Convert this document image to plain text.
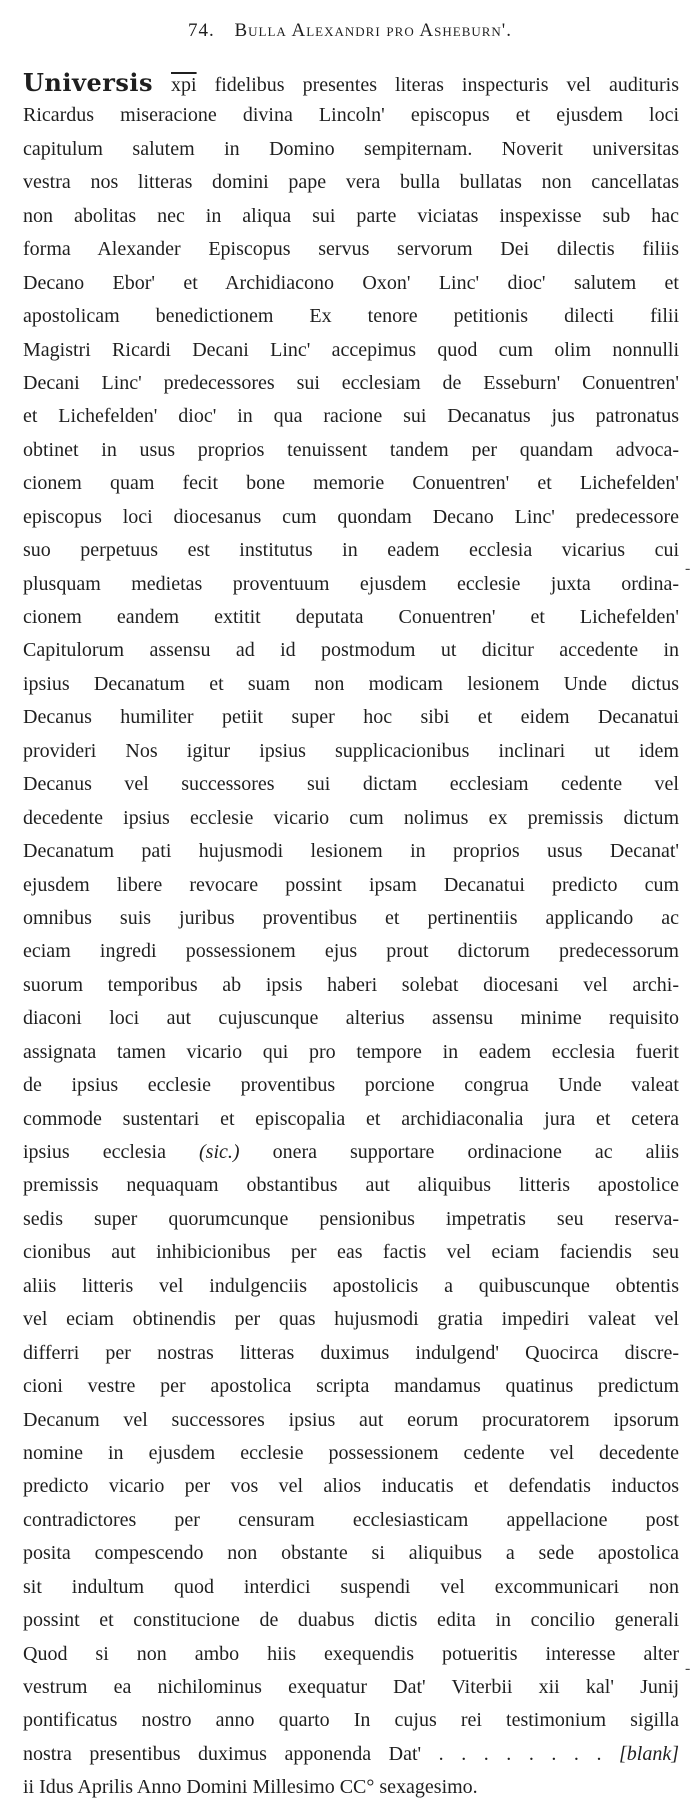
74. Bulla Alexandri pro Asheburn'.
Universis $\overline{xpi}$ fidelibus presentes literas inspecturis vel audituris
Ricardus miseracione divina Lincoln' episcopus et ejusdem loci
capitulum salutem in Domino sempiternam. Noverit universitas
vestra nos litteras domini pape vera bulla bullatas non cancellatas
non abolitas nec in aliqua sui parte viciatas inspexisse sub hac
forma Alexander Episcopus servus servorum Dei dilectis filiis
Decano Ebor' et Archidiacono Oxon' Linc' dioc' salutem et
apostolicam benedictionem Ex tenore petitionis dilecti filii
Magistri Ricardi Decani Linc' accepimus quod cum olim nonnulli
Decani Linc' predecessores sui ecclesiam de Esseburn' Conuentren'
et Lichefelden' dioc' in qua racione sui Decanatus jus patronatus
obtinet in usus proprios tenuissent tandem per quandam advoca-
cionem quam fecit bone memorie Conuentren' et Lichefelden'
episcopus loci diocesanus cum quondam Decano Linc' predecessore
suo perpetuus est institutus in eadem ecclesia vicarius cui
plusquam medietas proventuum ejusdem ecclesie juxta ordina-
cionem eandem extitit deputata Conuentren' et Lichefelden'
Capitulorum assensu ad id postmodum ut dicitur accedente in
ipsius Decanatum et suam non modicam lesionem Unde dictus
Decanus humiliter petiit super hoc sibi et eidem Decanatui
provideri Nos igitur ipsius supplicacionibus inclinari ut idem
Decanus vel successores sui dictam ecclesiam cedente vel
decedente ipsius ecclesie vicario cum nolimus ex premissis dictum
Decanatum pati hujusmodi lesionem in proprios usus Decanat'
ejusdem libere revocare possint ipsam Decanatui predicto cum
omnibus suis juribus proventibus et pertinentiis applicando ac
eciam ingredi possessionem ejus prout dictorum predecessorum
suorum temporibus ab ipsis haberi solebat diocesani vel archi-
diaconi loci aut cujuscunque alterius assensu minime requisito
assignata tamen vicario qui pro tempore in eadem ecclesia fuerit
de ipsius ecclesie proventibus porcione congrua Unde valeat
commode sustentari et episcopalia et archidiaconalia jura et cetera
ipsius ecclesia (sic.) onera supportare ordinacione ac aliis
premissis nequaquam obstantibus aut aliquibus litteris apostolice
sedis super quorumcunque pensionibus impetratis seu reserva-
cionibus aut inhibicionibus per eas factis vel eciam faciendis seu
aliis litteris vel indulgenciis apostolicis a quibuscunque obtentis
vel eciam obtinendis per quas hujusmodi gratia impediri valeat vel
differri per nostras litteras duximus indulgend' Quocirca discre-
cioni vestre per apostolica scripta mandamus quatinus predictum
Decanum vel successores ipsius aut eorum procuratorem ipsorum
nomine in ejusdem ecclesie possessionem cedente vel decedente
predicto vicario per vos vel alios inducatis et defendatis inductos
contradictores per censuram ecclesiasticam appellacione post
posita compescendo non obstante si aliquibus a sede apostolica
sit indultum quod interdici suspendi vel excommunicari non
possint et constitucione de duabus dictis edita in concilio generali
Quod si non ambo hiis exequendis potueritis interesse alter
vestrum ea nichilominus exequatur Dat' Viterbii xii kal' Junij
pontificatus nostro anno quarto In cujus rei testimonium sigilla
nostra presentibus duximus apponenda Dat' . . . . . . . . [blank]
ii Idus Aprilis Anno Domini Millesimo CC° sexagesimo.
‐
‐
